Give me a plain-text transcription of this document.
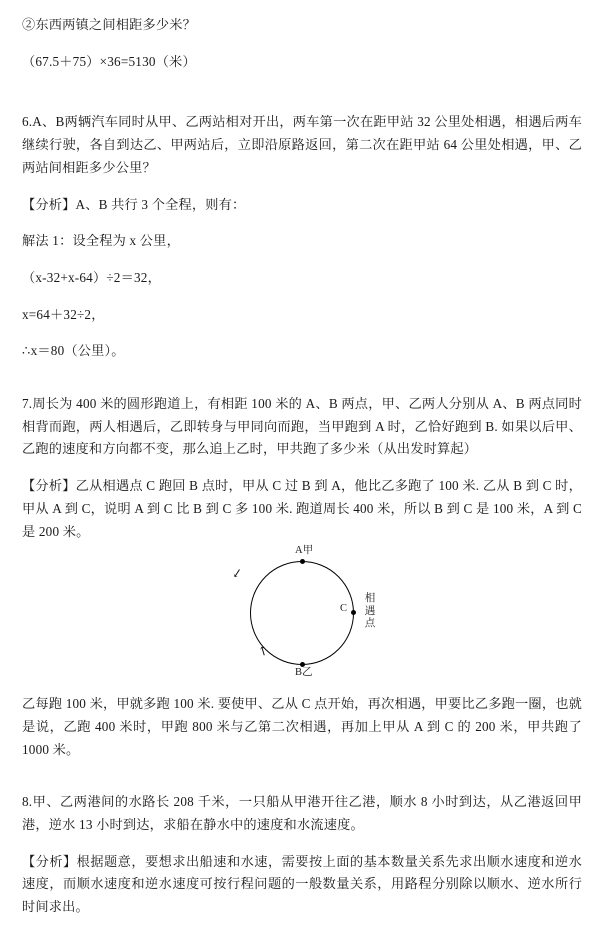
②东西两镇之间相距多少米？

（67.5＋75）×36=5130（米）

6.A、B两辆汽车同时从甲、乙两站相对开出，两车第一次在距甲站 32 公里处相遇，相遇后两车继续行驶，各自到达乙、甲两站后，立即沿原路返回，第二次在距甲站 64 公里处相遇，甲、乙两站间相距多少公里？

【分析】A、B 共行 3 个全程，则有：

解法 1：设全程为 x 公里，

（x-32+x-64）÷2＝32，

x=64＋32÷2，

∴x＝80（公里）。

7.周长为 400 米的圆形跑道上，有相距 100 米的 A、B 两点，甲、乙两人分别从 A、B 两点同时相背而跑，两人相遇后，乙即转身与甲同向而跑，当甲跑到 A 时，乙恰好跑到 B. 如果以后甲、乙跑的速度和方向都不变，那么追上乙时，甲共跑了多少米（从出发时算起）

【分析】乙从相遇点 C 跑回 B 点时，甲从 C 过 B 到 A，他比乙多跑了 100 米. 乙从 B 到 C 时，甲从 A 到 C，说明 A 到 C 比 B 到 C 多 100 米. 跑道周长 400 米，所以 B 到 C 是 100 米，A 到 C 是 200 米。

A甲
B乙
C
相遇点
↙
↖

乙每跑 100 米，甲就多跑 100 米. 要使甲、乙从 C 点开始，再次相遇，甲要比乙多跑一圈，也就是说，乙跑 400 米时，甲跑 800 米与乙第二次相遇，再加上甲从 A 到 C 的 200 米，甲共跑了 1000 米。

8.甲、乙两港间的水路长 208 千米，一只船从甲港开往乙港，顺水 8 小时到达，从乙港返回甲港，逆水 13 小时到达，求船在静水中的速度和水流速度。

【分析】根据题意，要想求出船速和水速，需要按上面的基本数量关系先求出顺水速度和逆水速度，而顺水速度和逆水速度可按行程问题的一般数量关系，用路程分别除以顺水、逆水所行时间求出。
